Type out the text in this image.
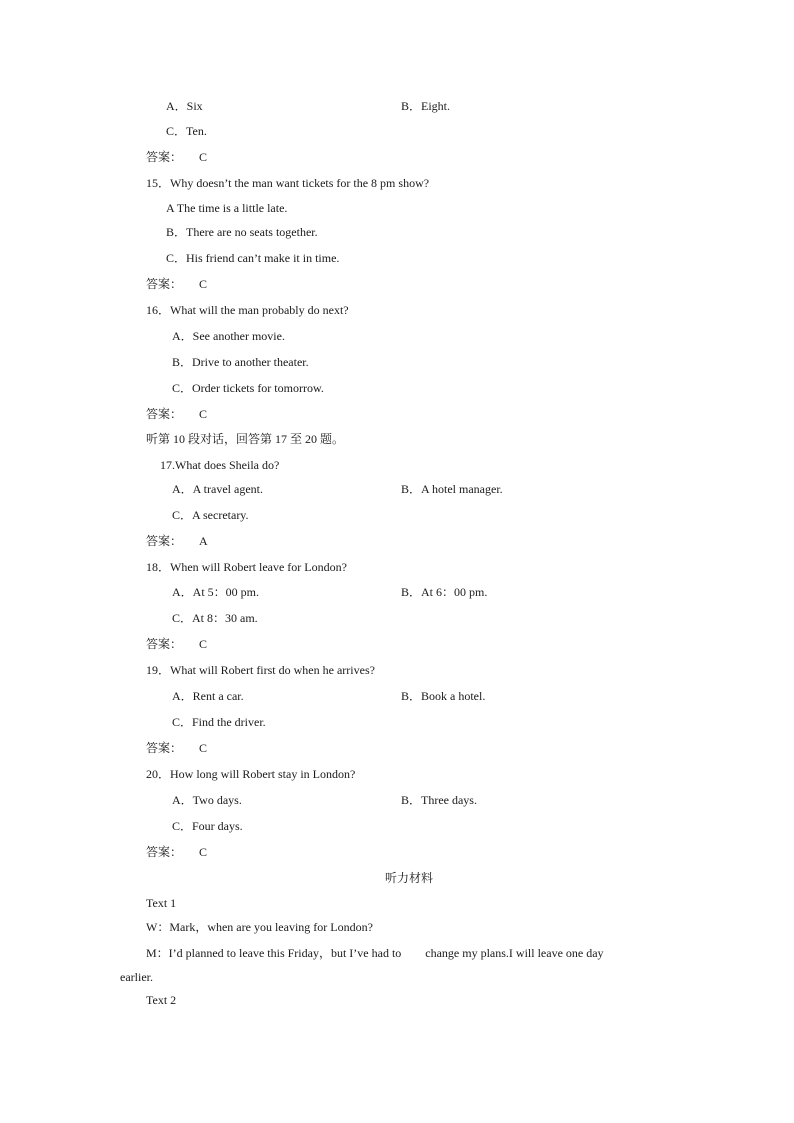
A．Six	B．Eight.
C．Ten.
答案： C
15．Why doesn’t the man want tickets for the 8 pm show?
A The time is a little late.
B．There are no seats together.
C．His friend can’t make it in time.
答案： C
16．What will the man probably do next?
A．See another movie.
B．Drive to another theater.
C．Order tickets for tomorrow.
答案： C
听第 10 段对话，回答第 17 至 20 题。
17.What does Sheila do?
A．A travel agent.	B．A hotel manager.
C．A secretary.
答案： A
18．When will Robert leave for London?
A．At 5：00 pm.	B．At 6：00 pm.
C．At 8：30 am.
答案： C
19．What will Robert first do when he arrives?
A．Rent a car.	B．Book a hotel.
C．Find the driver.
答案： C
20．How long will Robert stay in London?
A．Two days.	B．Three days.
C．Four days.
答案： C
听力材料
Text 1
W：Mark，when are you leaving for London?
M：I’d planned to leave this Friday，but I’ve had to        change my plans.I will leave one day
earlier.
Text 2
